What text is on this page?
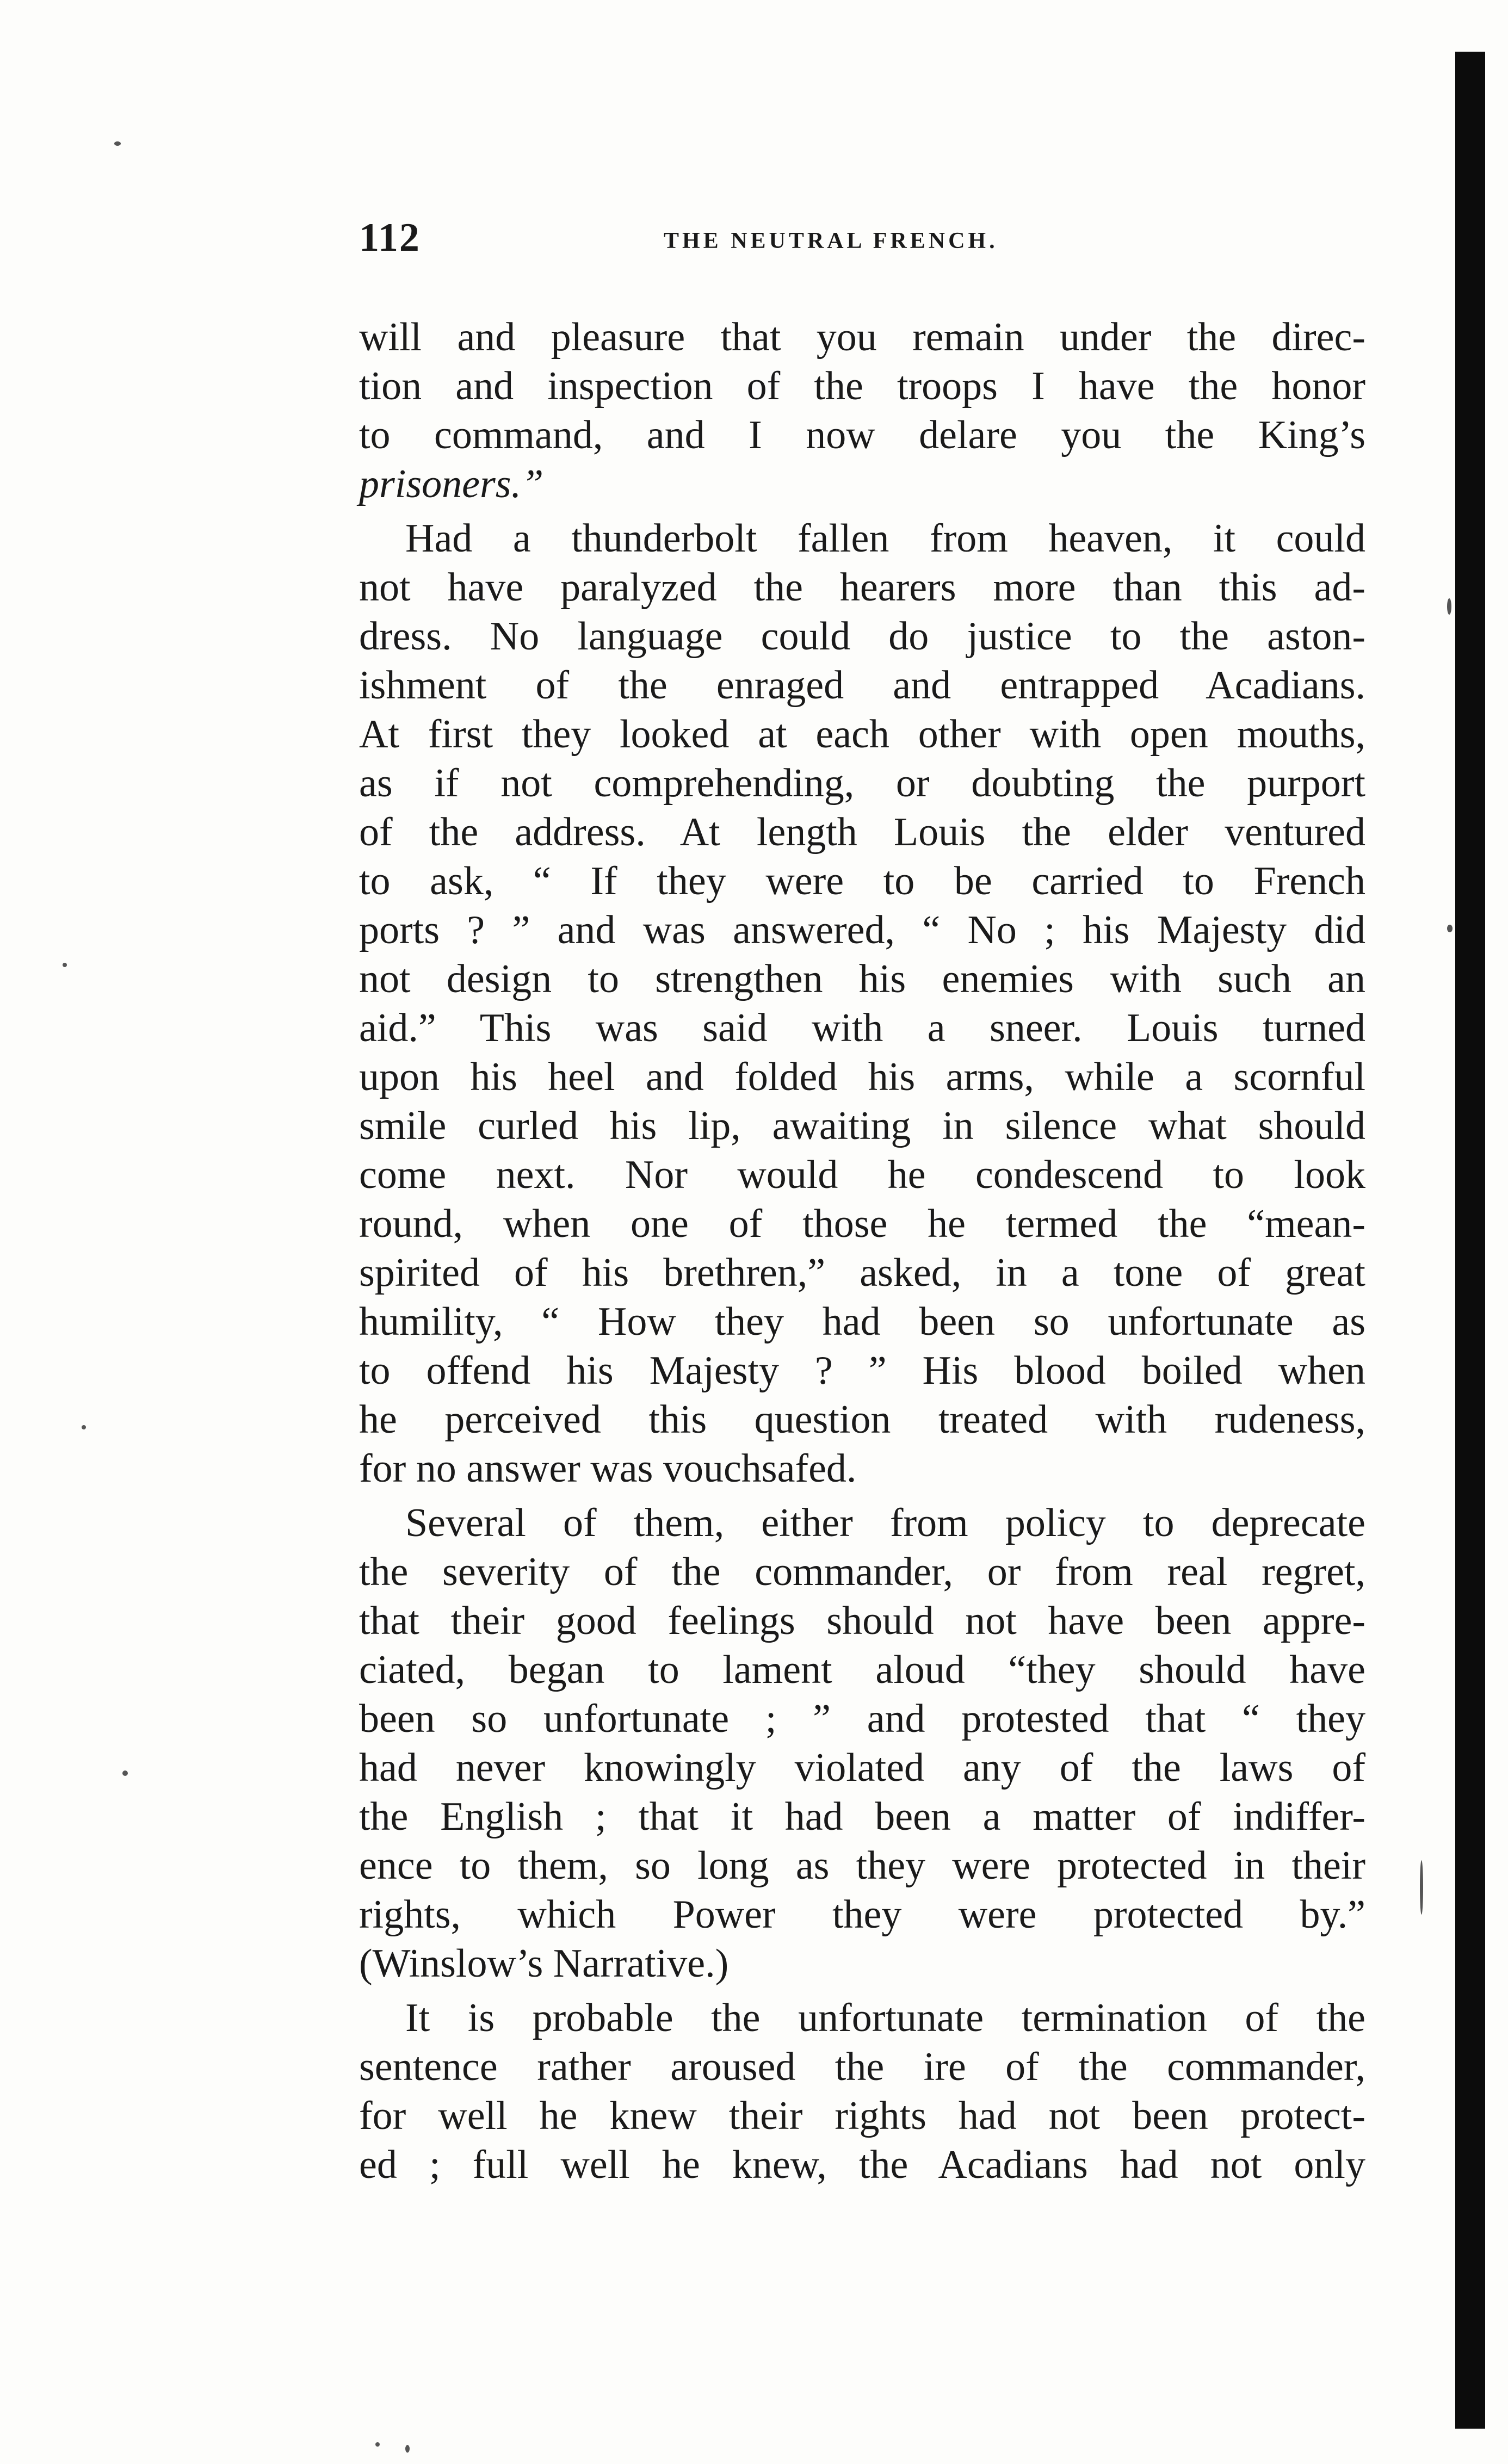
112	THE NEUTRAL FRENCH.
will and pleasure that you remain under the direc-
tion and inspection of the troops I have the honor
to command, and I now delare you the King’s
prisoners.”
Had a thunderbolt fallen from heaven, it could
not have paralyzed the hearers more than this ad-
dress. No language could do justice to the aston-
ishment of the enraged and entrapped Acadians.
At first they looked at each other with open mouths,
as if not comprehending, or doubting the purport
of the address. At length Louis the elder ventured
to ask, “ If they were to be carried to French
ports ? ” and was answered, “ No ; his Majesty did
not design to strengthen his enemies with such an
aid.” This was said with a sneer. Louis turned
upon his heel and folded his arms, while a scornful
smile curled his lip, awaiting in silence what should
come next. Nor would he condescend to look
round, when one of those he termed the “mean-
spirited of his brethren,” asked, in a tone of great
humility, “ How they had been so unfortunate as
to offend his Majesty ? ” His blood boiled when
he perceived this question treated with rudeness,
for no answer was vouchsafed.
Several of them, either from policy to deprecate
the severity of the commander, or from real regret,
that their good feelings should not have been appre-
ciated, began to lament aloud “they should have
been so unfortunate ; ” and protested that “ they
had never knowingly violated any of the laws of
the English ; that it had been a matter of indiffer-
ence to them, so long as they were protected in their
rights, which Power they were protected by.”
(Winslow’s Narrative.)
It is probable the unfortunate termination of the
sentence rather aroused the ire of the commander,
for well he knew their rights had not been protect-
ed ; full well he knew, the Acadians had not only
